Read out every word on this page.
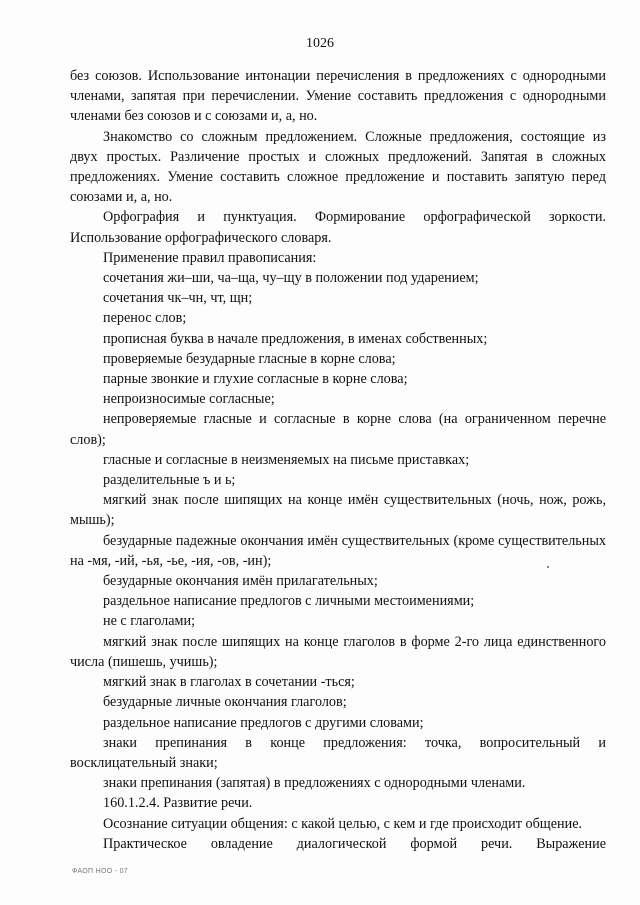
1026

без союзов. Использование интонации перечисления в предложениях с однородными членами, запятая при перечислении. Умение составить предложения с однородными членами без союзов и с союзами и, а, но.

Знакомство со сложным предложением. Сложные предложения, состоящие из двух простых. Различение простых и сложных предложений. Запятая в сложных предложениях. Умение составить сложное предложение и поставить запятую перед союзами и, а, но.

Орфография и пунктуация. Формирование орфографической зоркости. Использование орфографического словаря.

Применение правил правописания:

сочетания жи–ши, ча–ща, чу–щу в положении под ударением;

сочетания чк–чн, чт, щн;

перенос слов;

прописная буква в начале предложения, в именах собственных;

проверяемые безударные гласные в корне слова;

парные звонкие и глухие согласные в корне слова;

непроизносимые согласные;

непроверяемые гласные и согласные в корне слова (на ограниченном перечне слов);

гласные и согласные в неизменяемых на письме приставках;

разделительные ъ и ь;

мягкий знак после шипящих на конце имён существительных (ночь, нож, рожь, мышь);

безударные падежные окончания имён существительных (кроме существительных на -мя, -ий, -ья, -ье, -ия, -ов, -ин);

безударные окончания имён прилагательных;

раздельное написание предлогов с личными местоимениями;

не с глаголами;

мягкий знак после шипящих на конце глаголов в форме 2-го лица единственного числа (пишешь, учишь);

мягкий знак в глаголах в сочетании -ться;

безударные личные окончания глаголов;

раздельное написание предлогов с другими словами;

знаки препинания в конце предложения: точка, вопросительный и восклицательный знаки;

знаки препинания (запятая) в предложениях с однородными членами.

160.1.2.4. Развитие речи.

Осознание ситуации общения: с какой целью, с кем и где происходит общение.

Практическое овладение диалогической формой речи. Выражение

ФАОП НОО - 07
